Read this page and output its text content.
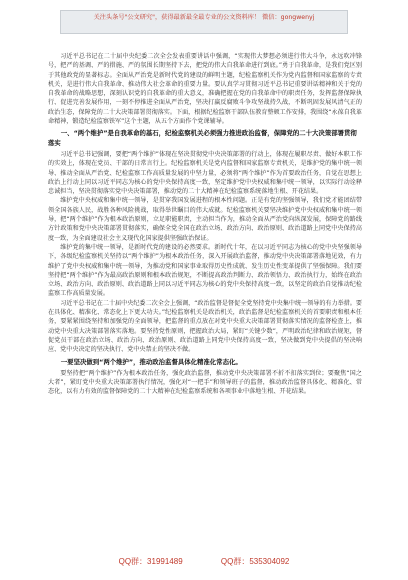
关注头条号"公文研究"，获得最新最全最专业的公文资料库！ 微信：gongwenyj

习近平总书记在二十届中央纪委二次全会发表重要讲话中强调，“实现伟大梦想必须进行伟大斗争，永远吹冲锋号，把严的基调、严的措施、严的氛围长期坚持下去，把党的伟大自我革命进行到底。”勇于自我革命，是我们党区别于其他政党的显著标志。全面从严治党是新时代党的建设的鲜明主题，纪检监察机关作为党内监督和国家监察的专责机关，是进行伟大自我革命、推动伟大社会革命的重要力量。要认真学习贯彻习近平总书记重要讲话精神和关于党的自我革命的战略思想，深刻认识党的自我革命的重大意义，准确把握在党的自我革命中的职责任务，发挥监督保障执行、促进完善发展作用，一刻不停推进全面从严治党，坚决打赢反腐败斗争攻坚战持久战，不断巩固发展风清气正的政治生态，保障党的二十大决策部署贯彻落实。下面，根据纪检监察干部队伍教育整顿工作安排，我围绕“永葆自我革命精神，锻造纪检监察铁军”这个主题，从五个方面作个党课辅导。

一、“两个维护”是自我革命的基石，纪检监察机关必须强力推进政治监督，保障党的二十大决策部署贯彻落实

习近平总书记强调，要把“两个维护”体现在坚决贯彻党中央决策部署的行动上，体现在履职尽责、做好本职工作的实效上，体现在党员、干部的日常言行上。纪检监察机关是党内监督和国家监察专责机关，是维护党的集中统一领导、推动全面从严治党、纪检监察工作高质量发展的中坚力量，必须将“两个维护”作为首要政治任务，自觉在思想上政治上行动上同以习近平同志为核心的党中央保持高度一致，坚定维护党中央权威和集中统一领导，以实际行动诠释忠诚担当，坚决贯彻落实党中央决策部署，推动党的二十大精神在纪检监察系统落地生根、开花结果。

维护党中央权威和集中统一领导，是贯穿我国发展进程的根本性问题。正是有党的坚强领导，我们党才能团结带领全国各族人民，战胜各种风险挑战，取得举世瞩目的伟大成就。纪检监察机关要坚决维护党中央权威和集中统一领导，把“两个维护”作为根本政治原则，立足职能职责，主动担当作为，推动全面从严治党向纵深发展，保障党的路线方针政策和党中央决策部署贯彻落实，确保全党全国在政治立场、政治方向、政治原则、政治道路上同党中央保持高度一致，为全面建设社会主义现代化国家提供坚强政治保证。

维护党的集中统一领导，是新时代党的建设的必然要求。新时代十年，在以习近平同志为核心的党中央坚强领导下，各级纪检监察机关坚持以“两个维护”为根本政治任务，深入开展政治监督，推动党中央决策部署落地见效，有力维护了党中央权威和集中统一领导，为推动党和国家事业取得历史性成就、发生历史性变革提供了坚强保障。我们要坚持把“两个维护”作为最高政治原则和根本政治规矩，不断提高政治判断力、政治领悟力、政治执行力，始终在政治立场、政治方向、政治原则、政治道路上同以习近平同志为核心的党中央保持高度一致，以坚定的政治自觉推动纪检监察工作高质量发展。

习近平总书记在二十届中央纪委二次全会上强调，“政治监督是督促全党坚持党中央集中统一领导的有力举措。要在具体化、精准化、常态化上下更大功夫。”纪检监察机关是政治机关，政治监督是纪检监察机关的首要职责和根本任务，要紧紧围绕坚持和加强党的全面领导，把监督的重点放在对党中央重大决策部署贯彻落实情况的监督检查上，推动党中央重大决策部署落实落地。要坚持党性原则，把握政治大局，紧盯“关键少数”，严明政治纪律和政治规矩，督促党员干部在政治立场、政治方向、政治原则、政治道路上同党中央保持高度一致，坚决做到党中央提倡的坚决响应、党中央决定的坚决执行、党中央禁止的坚决不做。

一要坚决做到“两个维护”，推动政治监督具体化精准化常态化。

要坚持把“两个维护”作为根本政治任务，强化政治监督，推动党中央决策部署不折不扣落实到位；要聚焦“国之大者”，紧盯党中央重大决策部署执行情况，强化对“一把手”和领导班子的监督，推动政治监督具体化、精准化、常态化，以有力有效的监督保障党的二十大精神在纪检监察系统和各项事业中落地生根、开花结果。

QQ群：31991489	QQ群：535304092
